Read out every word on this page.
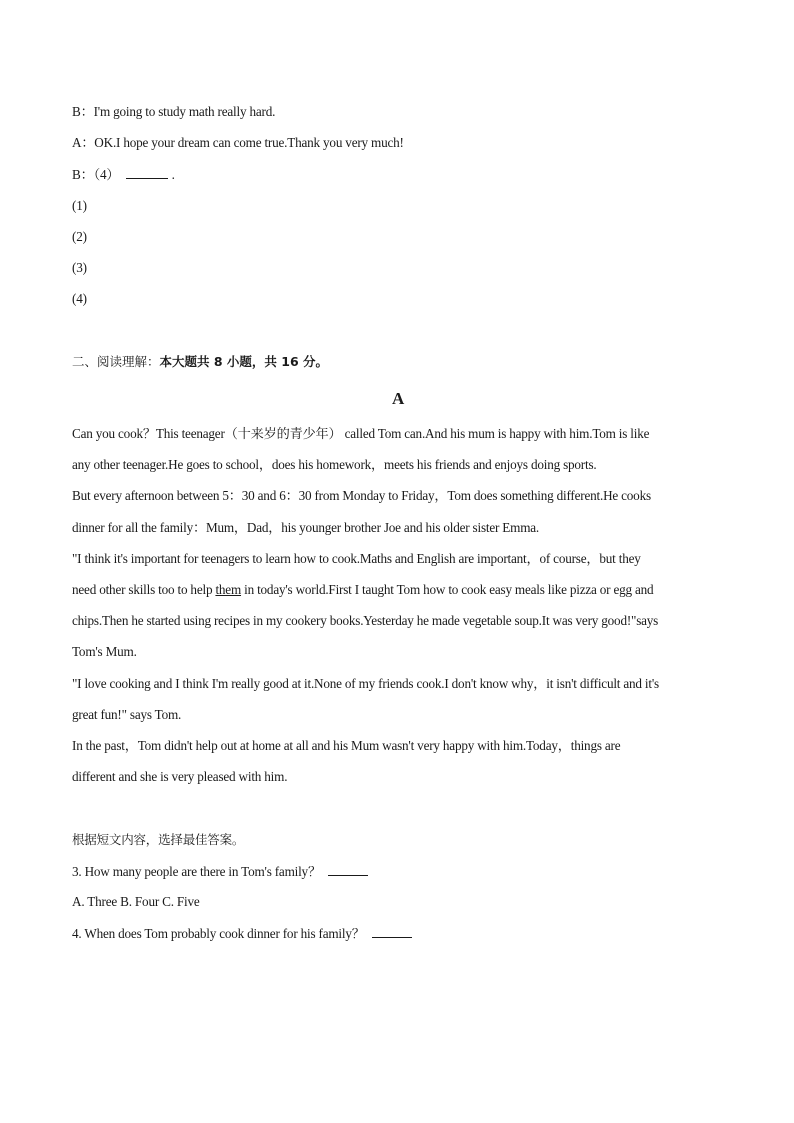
B：I'm going to study math really hard.
A：OK.I hope your dream can come true.Thank you very much!
B：（4）	.
(1)
(2)
(3)
(4)
二、阅读理解：本大题共 8 小题，共 16 分。
A
Can you cook？This teenager（十来岁的青少年） called Tom can.And his mum is happy with him.Tom is like
any other teenager.He goes to school，does his homework，meets his friends and enjoys doing sports.
But every afternoon between 5：30 and 6：30 from Monday to Friday，Tom does something different.He cooks
dinner for all the family：Mum，Dad，his younger brother Joe and his older sister Emma.
"I think it's important for teenagers to learn how to cook.Maths and English are important，of course，but they
need other skills too to help them in today's world.First I taught Tom how to cook easy meals like pizza or egg and
chips.Then he started using recipes in my cookery books.Yesterday he made vegetable soup.It was very good!"says
Tom's Mum.
"I love cooking and I think I'm really good at it.None of my friends cook.I don't know why，it isn't difficult and it's
great fun!" says Tom.
In the past，Tom didn't help out at home at all and his Mum wasn't very happy with him.Today，things are
different and she is very pleased with him.
根据短文内容，选择最佳答案。
3. How many people are there in Tom's family？
A. Three B. Four C. Five
4. When does Tom probably cook dinner for his family？
